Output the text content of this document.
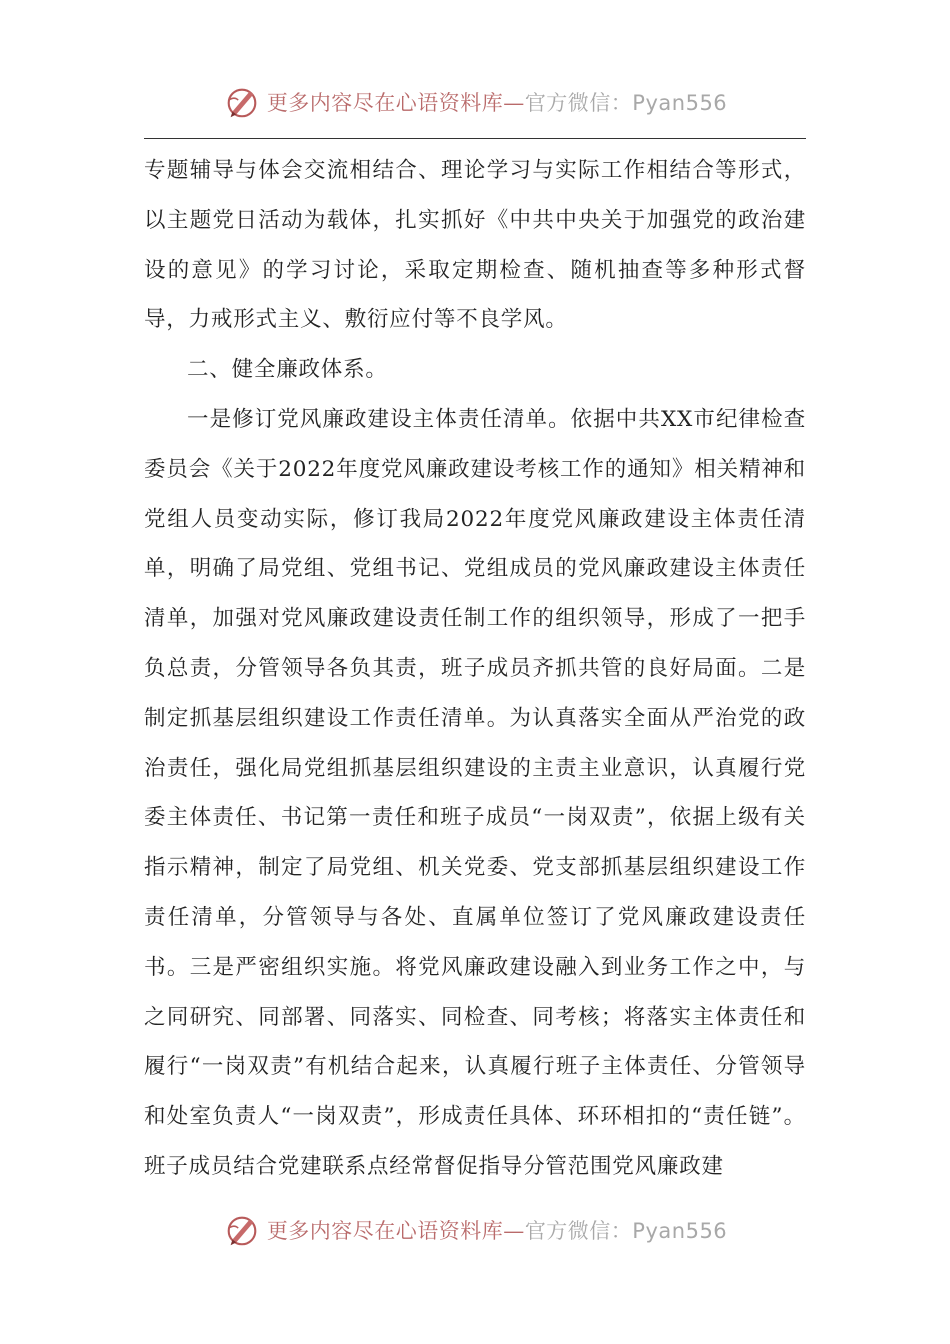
更多内容尽在心语资料库—官方微信：Pyan556

专题辅导与体会交流相结合、理论学习与实际工作相结合等形式，以主题党日活动为载体，扎实抓好《中共中央关于加强党的政治建设的意见》的学习讨论，采取定期检查、随机抽查等多种形式督导，力戒形式主义、敷衍应付等不良学风。

二、健全廉政体系。

一是修订党风廉政建设主体责任清单。依据中共XX市纪律检查委员会《关于2022年度党风廉政建设考核工作的通知》相关精神和党组人员变动实际，修订我局2022年度党风廉政建设主体责任清单，明确了局党组、党组书记、党组成员的党风廉政建设主体责任清单，加强对党风廉政建设责任制工作的组织领导，形成了一把手负总责，分管领导各负其责，班子成员齐抓共管的良好局面。二是制定抓基层组织建设工作责任清单。为认真落实全面从严治党的政治责任，强化局党组抓基层组织建设的主责主业意识，认真履行党委主体责任、书记第一责任和班子成员“一岗双责”，依据上级有关指示精神，制定了局党组、机关党委、党支部抓基层组织建设工作责任清单，分管领导与各处、直属单位签订了党风廉政建设责任书。三是严密组织实施。将党风廉政建设融入到业务工作之中，与之同研究、同部署、同落实、同检查、同考核；将落实主体责任和履行“一岗双责”有机结合起来，认真履行班子主体责任、分管领导和处室负责人“一岗双责”，形成责任具体、环环相扣的“责任链”。班子成员结合党建联系点经常督促指导分管范围党风廉政建

更多内容尽在心语资料库—官方微信：Pyan556
